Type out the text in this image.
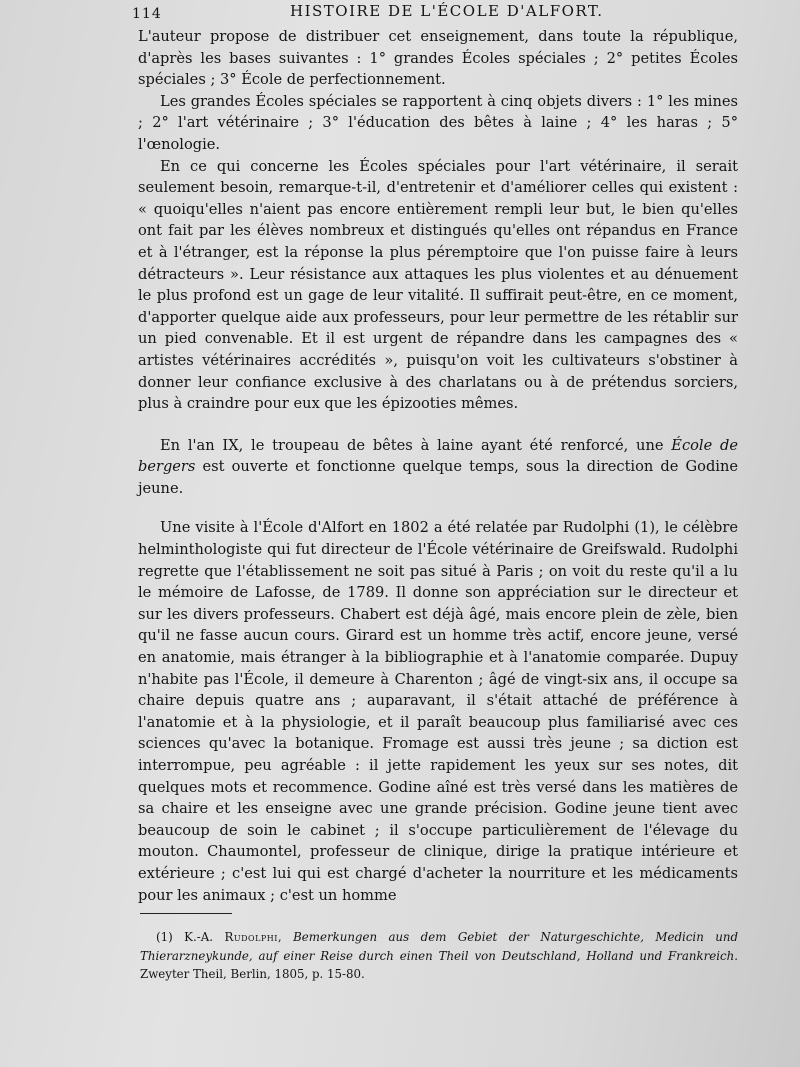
114	HISTOIRE DE L'ÉCOLE D'ALFORT.

L'auteur propose de distribuer cet enseignement, dans toute la république, d'après les bases suivantes : 1° grandes Écoles spéciales ; 2° petites Écoles spéciales ; 3° École de perfectionnement.

Les grandes Écoles spéciales se rapportent à cinq objets divers : 1° les mines ; 2° l'art vétérinaire ; 3° l'éducation des bêtes à laine ; 4° les haras ; 5° l'œnologie.

En ce qui concerne les Écoles spéciales pour l'art vétérinaire, il serait seulement besoin, remarque-t-il, d'entretenir et d'améliorer celles qui existent : « quoiqu'elles n'aient pas encore entièrement rempli leur but, le bien qu'elles ont fait par les élèves nombreux et distingués qu'elles ont répandus en France et à l'étranger, est la réponse la plus péremptoire que l'on puisse faire à leurs détracteurs ». Leur résistance aux attaques les plus violentes et au dénuement le plus profond est un gage de leur vitalité. Il suffirait peut-être, en ce moment, d'apporter quelque aide aux professeurs, pour leur permettre de les rétablir sur un pied convenable. Et il est urgent de répandre dans les campagnes des « artistes vétérinaires accrédités », puisqu'on voit les cultivateurs s'obstiner à donner leur confiance exclusive à des charlatans ou à de prétendus sorciers, plus à craindre pour eux que les épizooties mêmes.

En l'an IX, le troupeau de bêtes à laine ayant été renforcé, une École de bergers est ouverte et fonctionne quelque temps, sous la direction de Godine jeune.

Une visite à l'École d'Alfort en 1802 a été relatée par Rudolphi (1), le célèbre helminthologiste qui fut directeur de l'École vétérinaire de Greifswald. Rudolphi regrette que l'établissement ne soit pas situé à Paris ; on voit du reste qu'il a lu le mémoire de Lafosse, de 1789. Il donne son appréciation sur le directeur et sur les divers professeurs. Chabert est déjà âgé, mais encore plein de zèle, bien qu'il ne fasse aucun cours. Girard est un homme très actif, encore jeune, versé en anatomie, mais étranger à la bibliographie et à l'anatomie comparée. Dupuy n'habite pas l'École, il demeure à Charenton ; âgé de vingt-six ans, il occupe sa chaire depuis quatre ans ; auparavant, il s'était attaché de préférence à l'anatomie et à la physiologie, et il paraît beaucoup plus familiarisé avec ces sciences qu'avec la botanique. Fromage est aussi très jeune ; sa diction est interrompue, peu agréable : il jette rapidement les yeux sur ses notes, dit quelques mots et recommence. Godine aîné est très versé dans les matières de sa chaire et les enseigne avec une grande précision. Godine jeune tient avec beaucoup de soin le cabinet ; il s'occupe particulièrement de l'élevage du mouton. Chaumontel, professeur de clinique, dirige la pratique intérieure et extérieure ; c'est lui qui est chargé d'acheter la nourriture et les médicaments pour les animaux ; c'est un homme

(1) K.-A. Rudolphi, Bemerkungen aus dem Gebiet der Naturgeschichte, Medicin und Thierarzneykunde, auf einer Reise durch einen Theil von Deutschland, Holland und Frankreich. Zweyter Theil, Berlin, 1805, p. 15-80.
